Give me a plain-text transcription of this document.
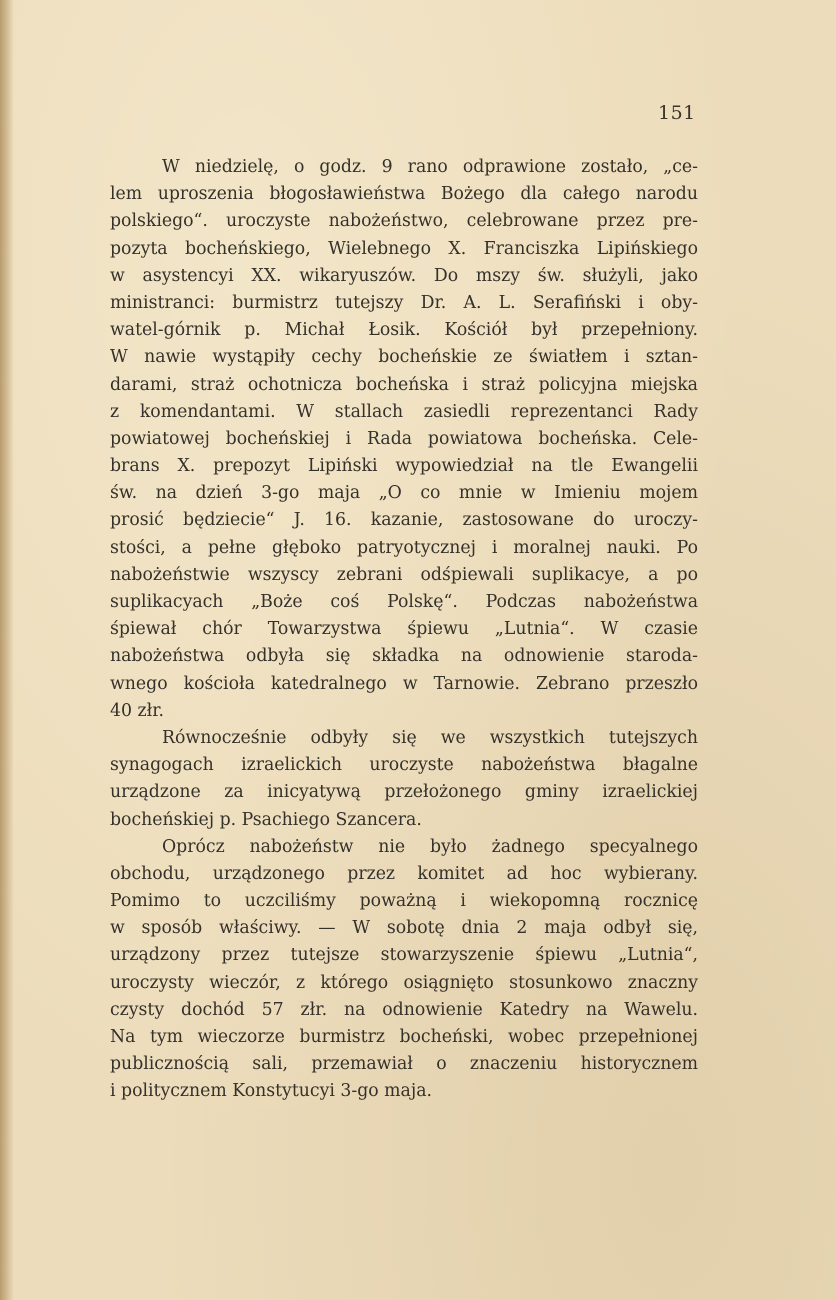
151
W niedzielę, o godz. 9 rano odprawione zostało, „ce-
lem uproszenia błogosławieństwa Bożego dla całego narodu
polskiego“. uroczyste nabożeństwo, celebrowane przez pre-
pozyta bocheńskiego, Wielebnego X. Franciszka Lipińskiego
w asystencyi XX. wikaryuszów. Do mszy św. służyli, jako
ministranci: burmistrz tutejszy Dr. A. L. Serafiński i oby-
watel-górnik p. Michał Łosik. Kościół był przepełniony.
W nawie wystąpiły cechy bocheńskie ze światłem i sztan-
darami, straż ochotnicza bocheńska i straż policyjna miejska
z komendantami. W stallach zasiedli reprezentanci Rady
powiatowej bocheńskiej i Rada powiatowa bocheńska. Cele-
brans X. prepozyt Lipiński wypowiedział na tle Ewangelii
św. na dzień 3-go maja „O co mnie w Imieniu mojem
prosić będziecie“ J. 16. kazanie, zastosowane do uroczy-
stości, a pełne głęboko patryotycznej i moralnej nauki. Po
nabożeństwie wszyscy zebrani odśpiewali suplikacye, a po
suplikacyach „Boże coś Polskę“. Podczas nabożeństwa
śpiewał chór Towarzystwa śpiewu „Lutnia“. W czasie
nabożeństwa odbyła się składka na odnowienie staroda-
wnego kościoła katedralnego w Tarnowie. Zebrano przeszło
40 złr.
Równocześnie odbyły się we wszystkich tutejszych
synagogach izraelickich uroczyste nabożeństwa błagalne
urządzone za inicyatywą przełożonego gminy izraelickiej
bocheńskiej p. Psachiego Szancera.
Oprócz nabożeństw nie było żadnego specyalnego
obchodu, urządzonego przez komitet ad hoc wybierany.
Pomimo to uczciliśmy poważną i wiekopomną rocznicę
w sposób właściwy. — W sobotę dnia 2 maja odbył się,
urządzony przez tutejsze stowarzyszenie śpiewu „Lutnia“,
uroczysty wieczór, z którego osiągnięto stosunkowo znaczny
czysty dochód 57 złr. na odnowienie Katedry na Wawelu.
Na tym wieczorze burmistrz bocheński, wobec przepełnionej
publicznością sali, przemawiał o znaczeniu historycznem
i politycznem Konstytucyi 3-go maja.
